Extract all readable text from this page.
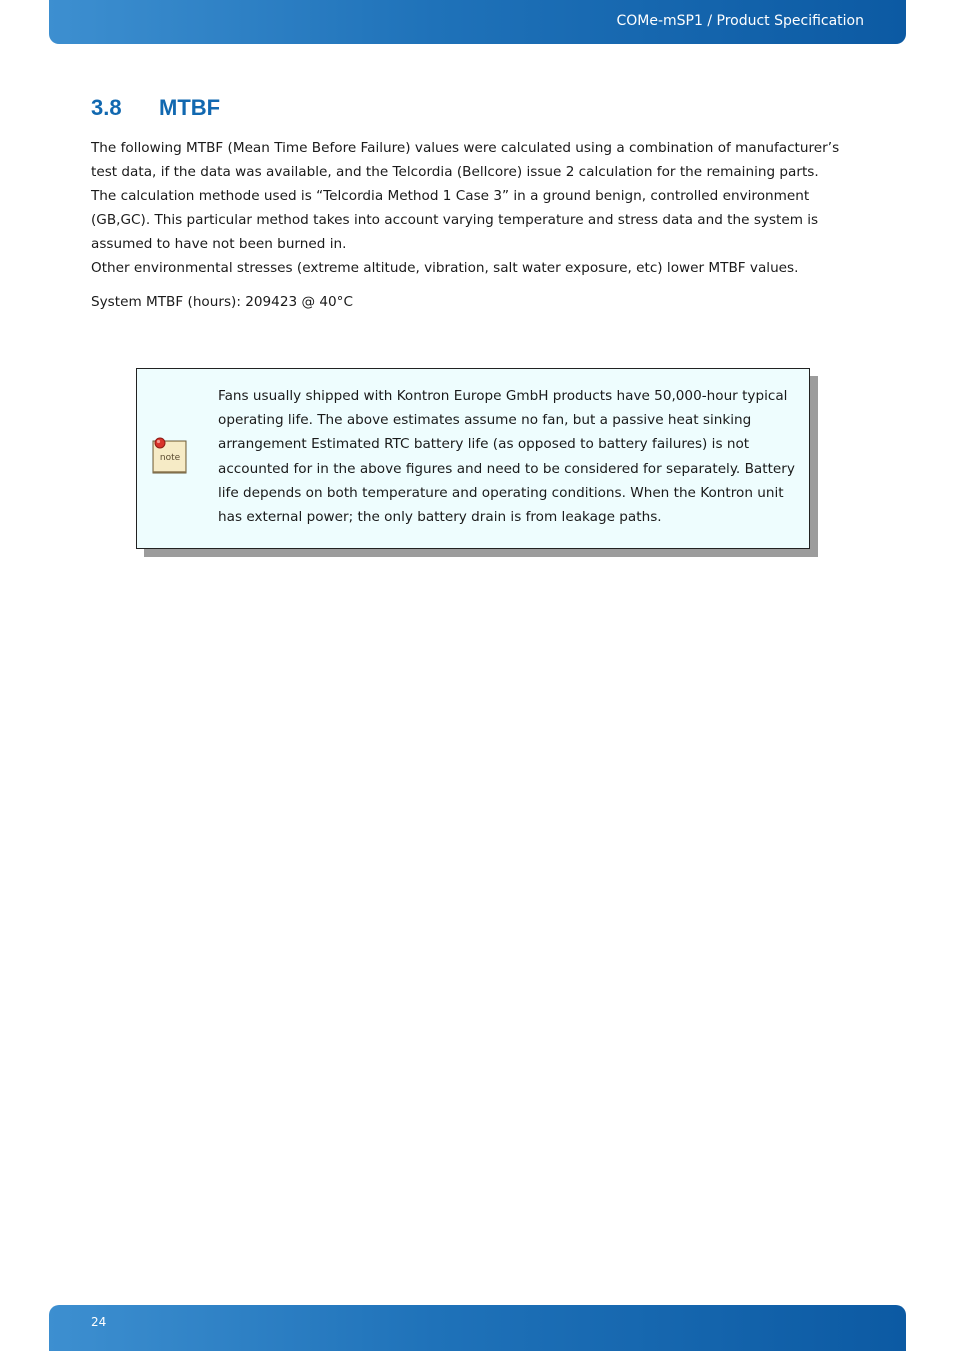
COMe-mSP1 / Product Specification
3.8 MTBF

The following MTBF (Mean Time Before Failure) values were calculated using a combination of manufacturer’s test data, if the data was available, and the Telcordia (Bellcore) issue 2 calculation for the remaining parts.

The calculation methode used is “Telcordia Method 1 Case 3” in a ground benign, controlled environment (GB,GC). This particular method takes into account varying temperature and stress data and the system is assumed to have not been burned in.

Other environmental stresses (extreme altitude, vibration, salt water exposure, etc) lower MTBF values.

System MTBF (hours): 209423 @ 40°C
note
Fans usually shipped with Kontron Europe GmbH products have 50,000-hour typical operating life. The above estimates assume no fan, but a passive heat sinking arrangement Estimated RTC battery life (as opposed to battery failures) is not accounted for in the above figures and need to be considered for separately. Battery life depends on both temperature and operating conditions. When the Kontron unit has external power; the only battery drain is from leakage paths.
24
